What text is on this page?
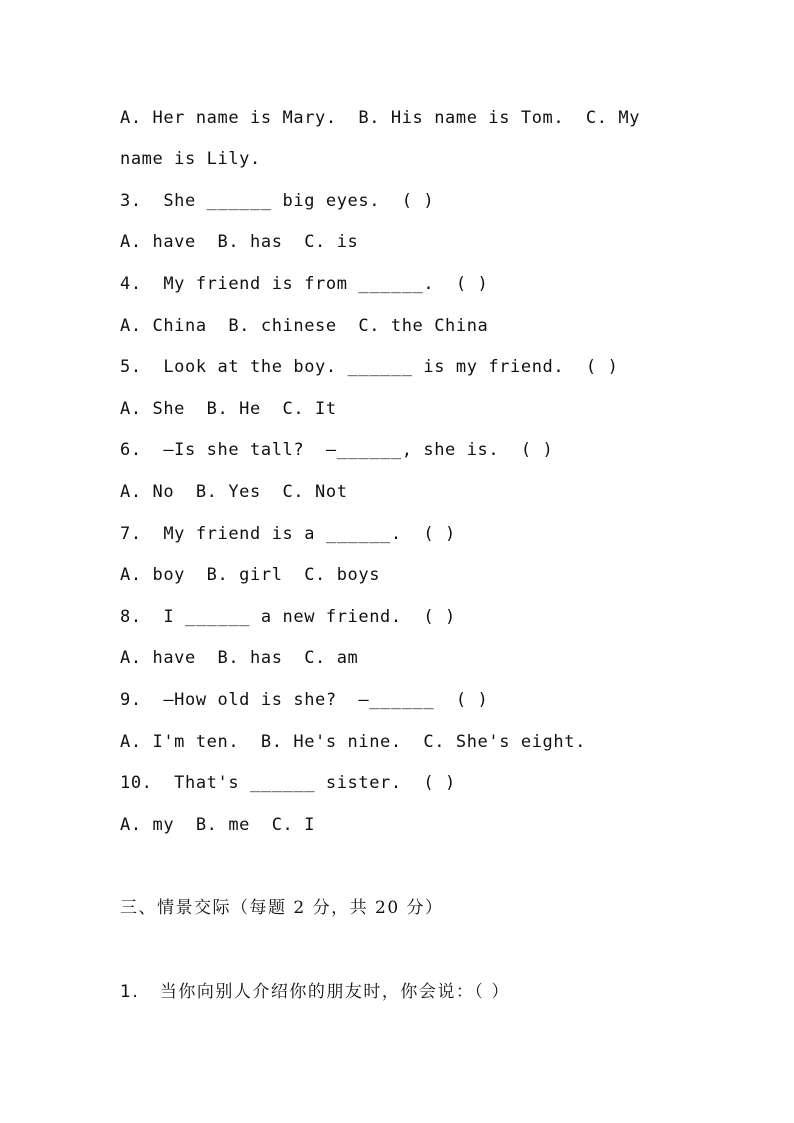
A. Her name is Mary.  B. His name is Tom.  C. My
name is Lily.
3.  She ______ big eyes.  ( )
A. have  B. has  C. is
4.  My friend is from ______.  ( )
A. China  B. chinese  C. the China
5.  Look at the boy. ______ is my friend.  ( )
A. She  B. He  C. It
6.  —Is she tall?  —______, she is.  ( )
A. No  B. Yes  C. Not
7.  My friend is a ______.  ( )
A. boy  B. girl  C. boys
8.  I ______ a new friend.  ( )
A. have  B. has  C. am
9.  —How old is she?  —______  ( )
A. I'm ten.  B. He's nine.  C. She's eight.
10.  That's ______ sister.  ( )
A. my  B. me  C. I
三、情景交际（每题 2 分，共 20 分）
1.   当你向别人介绍你的朋友时，你会说：（ ）
